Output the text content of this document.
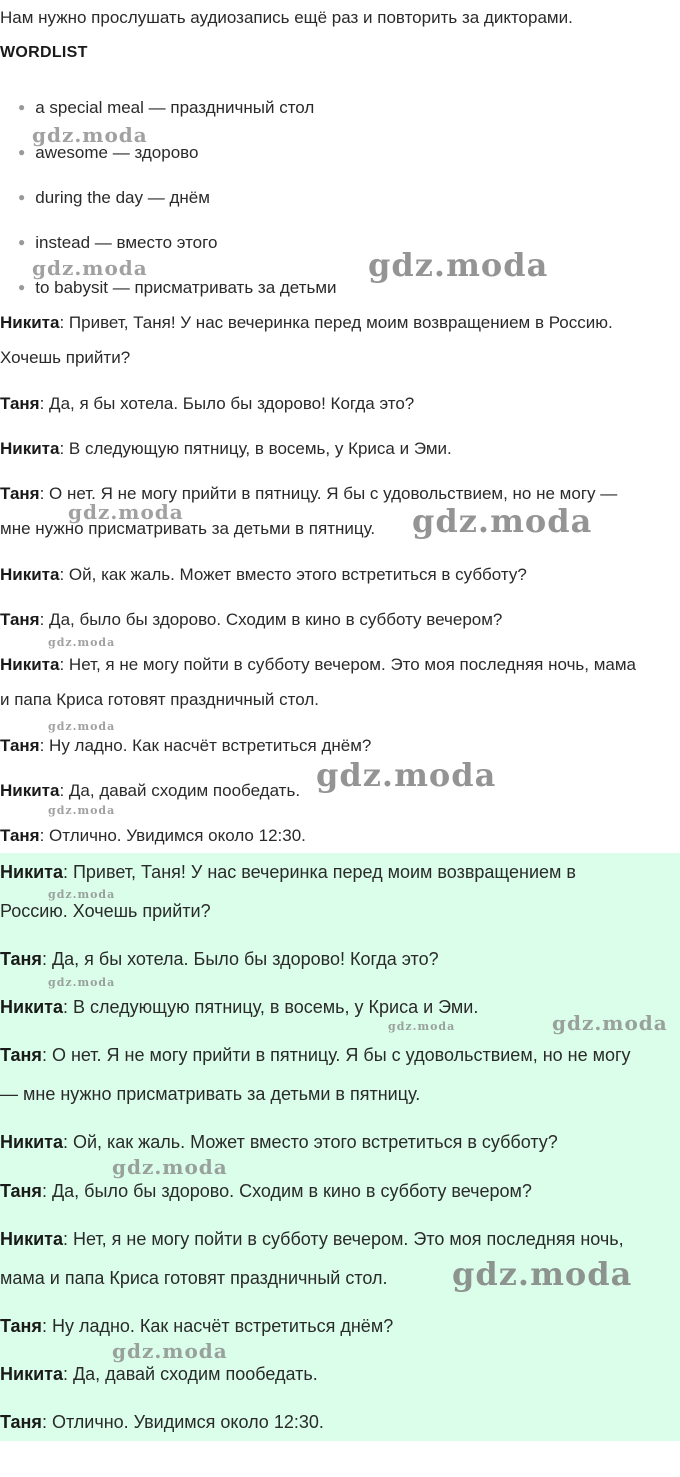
Нам нужно прослушать аудиозапись ещё раз и повторить за дикторами.
WORDLIST
● a special meal — праздничный стол
● awesome — здорово
● during the day — днём
● instead — вместо этого
● to babysit — присматривать за детьми
Никита: Привет, Таня! У нас вечеринка перед моим возвращением в Россию.
Хочешь прийти?
Таня: Да, я бы хотела. Было бы здорово! Когда это?
Никита: В следующую пятницу, в восемь, у Криса и Эми.
Таня: О нет. Я не могу прийти в пятницу. Я бы с удовольствием, но не могу —
мне нужно присматривать за детьми в пятницу.
Никита: Ой, как жаль. Может вместо этого встретиться в субботу?
Таня: Да, было бы здорово. Сходим в кино в субботу вечером?
Никита: Нет, я не могу пойти в субботу вечером. Это моя последняя ночь, мама
и папа Криса готовят праздничный стол.
Таня: Ну ладно. Как насчёт встретиться днём?
Никита: Да, давай сходим пообедать.
Таня: Отлично. Увидимся около 12:30.
Никита: Привет, Таня! У нас вечеринка перед моим возвращением в
Россию. Хочешь прийти?
Таня: Да, я бы хотела. Было бы здорово! Когда это?
Никита: В следующую пятницу, в восемь, у Криса и Эми.
Таня: О нет. Я не могу прийти в пятницу. Я бы с удовольствием, но не могу
— мне нужно присматривать за детьми в пятницу.
Никита: Ой, как жаль. Может вместо этого встретиться в субботу?
Таня: Да, было бы здорово. Сходим в кино в субботу вечером?
Никита: Нет, я не могу пойти в субботу вечером. Это моя последняя ночь,
мама и папа Криса готовят праздничный стол.
Таня: Ну ладно. Как насчёт встретиться днём?
Никита: Да, давай сходим пообедать.
Таня: Отлично. Увидимся около 12:30.
gdz.moda
gdz.moda	gdz.moda
gdz.moda	gdz.moda
gdz.moda
gdz.moda
gdz.moda
gdz.moda
gdz.moda
gdz.moda
gdz.moda	gdz.moda
gdz.moda
gdz.moda
gdz.moda
